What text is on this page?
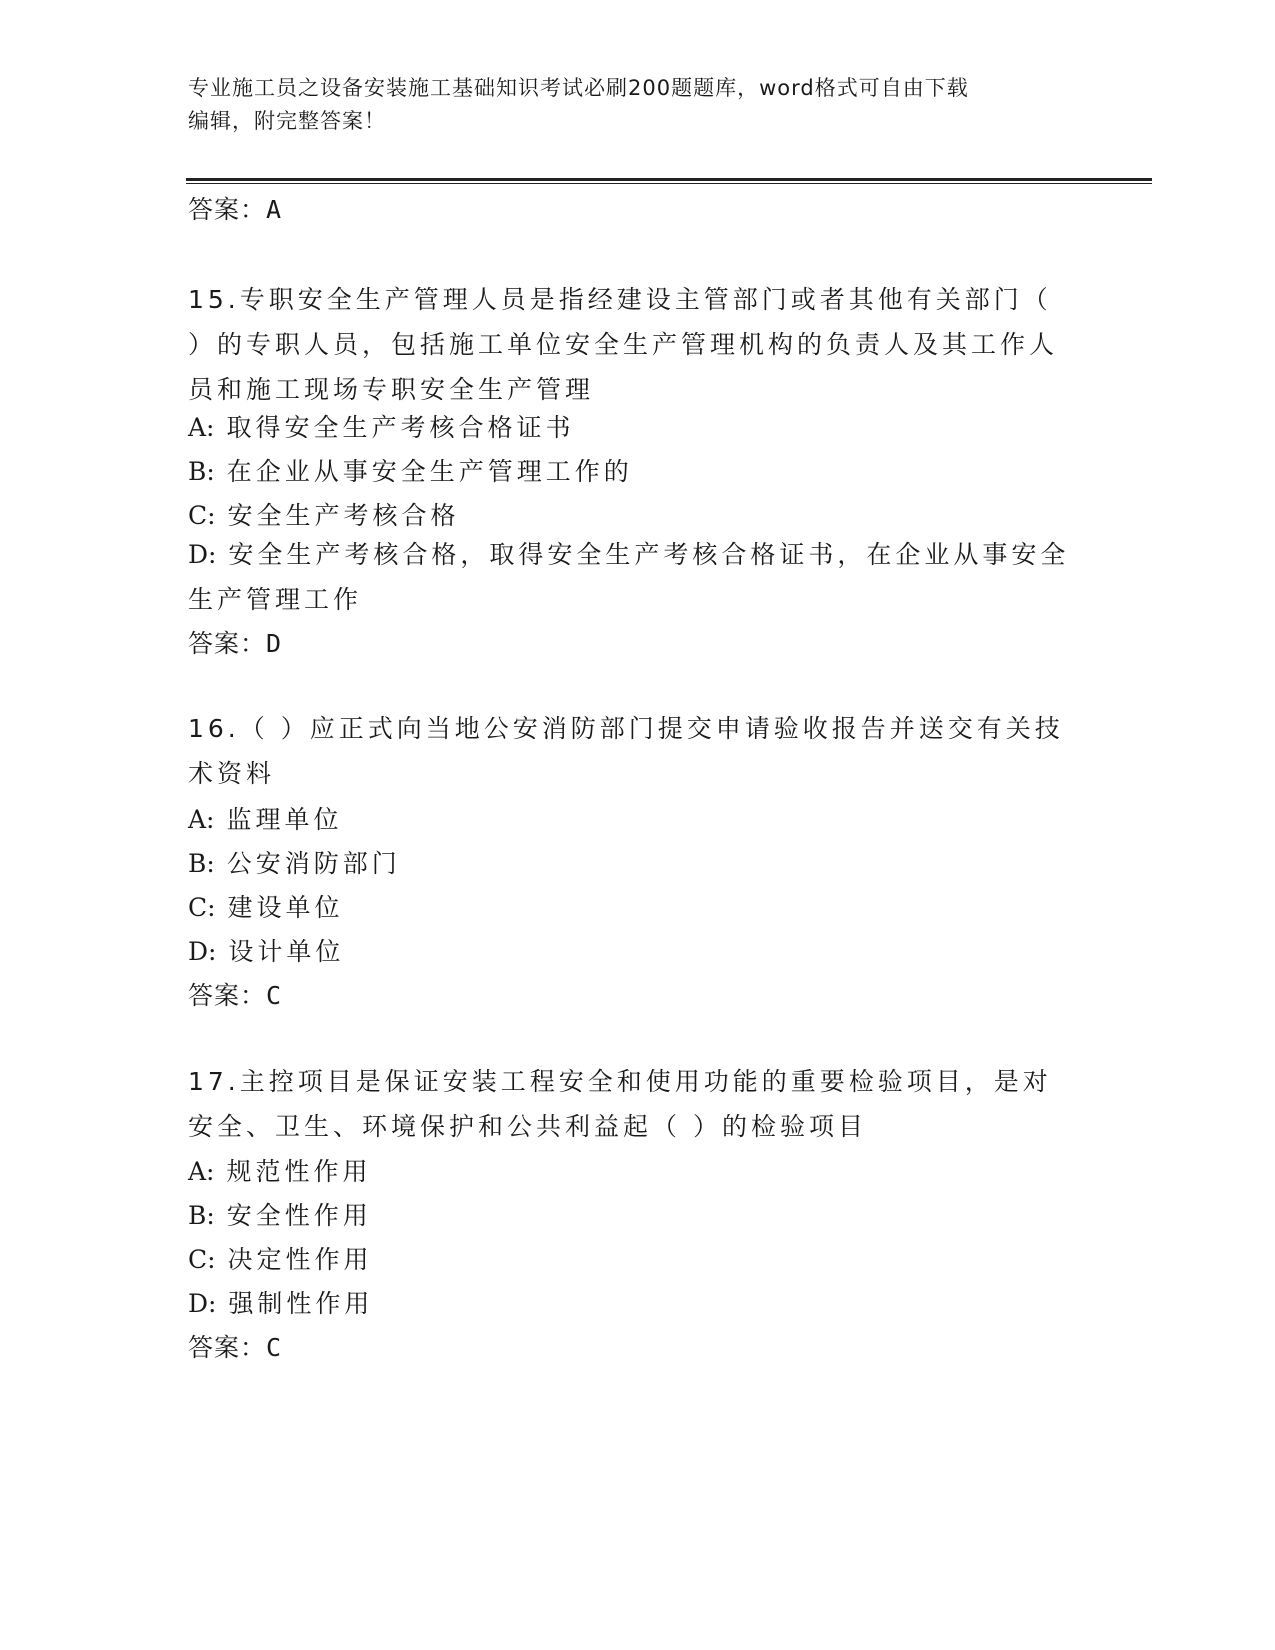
专业施工员之设备安装施工基础知识考试必刷200题题库，word格式可自由下载
编辑，附完整答案！
答案：A
15.专职安全生产管理人员是指经建设主管部门或者其他有关部门（ ）的专职人员，包括施工单位安全生产管理机构的负责人及其工作人员和施工现场专职安全生产管理
A: 取得安全生产考核合格证书
B: 在企业从事安全生产管理工作的
C: 安全生产考核合格
D: 安全生产考核合格，取得安全生产考核合格证书，在企业从事安全生产管理工作
答案：D
16.（ ）应正式向当地公安消防部门提交申请验收报告并送交有关技术资料
A: 监理单位
B: 公安消防部门
C: 建设单位
D: 设计单位
答案：C
17.主控项目是保证安装工程安全和使用功能的重要检验项目，是对安全、卫生、环境保护和公共利益起（ ）的检验项目
A: 规范性作用
B: 安全性作用
C: 决定性作用
D: 强制性作用
答案：C
